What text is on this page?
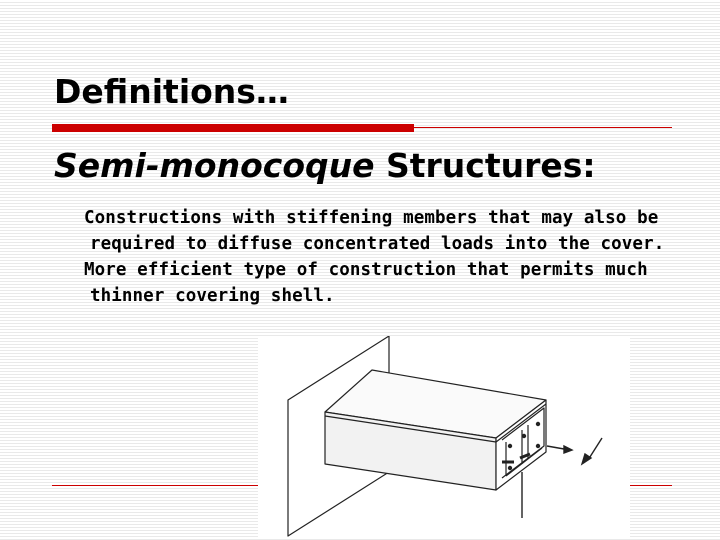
Definitions…
Semi-monocoque Structures:

Constructions with stiffening members that may also be required to diffuse concentrated loads into the cover.

More efficient type of construction that permits much thinner covering shell.
